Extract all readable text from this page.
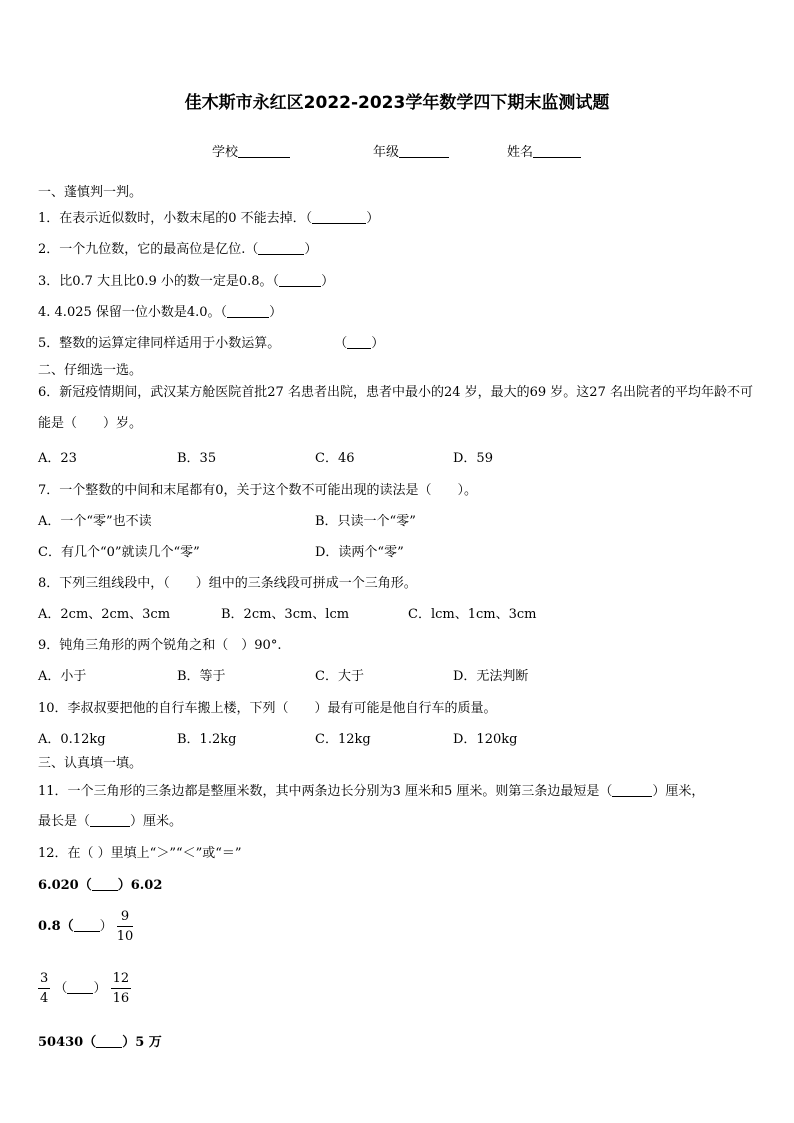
佳木斯市永红区2022-2023学年数学四下期末监测试题
学校	年级	姓名
一、蓬慎判一判。
1．在表示近似数时，小数末尾的0 不能去掉．（	）
2．一个九位数，它的最高位是亿位.（	）
3．比0.7 大且比0.9 小的数一定是0.8。（	）
4. 4.025 保留一位小数是4.0。（	）
5．整数的运算定律同样适用于小数运算。	（ ）
二、仔细选一选。
6．新冠疫情期间，武汉某方舱医院首批27 名患者出院，患者中最小的24 岁，最大的69 岁。这27 名出院者的平均年龄不可能是（　　）岁。
A．23	B．35	C．46	D．59
7．一个整数的中间和末尾都有0，关于这个数不可能出现的读法是（　　）。
A．一个“零”也不读	B．只读一个“零”
C．有几个“0”就读几个“零”	D．读两个“零”
8．下列三组线段中，（　　）组中的三条线段可拼成一个三角形。
A．2cm、2cm、3cm	B．2cm、3cm、lcm	C．lcm、1cm、3cm
9．钝角三角形的两个锐角之和（　）90°.
A．小于	B．等于	C．大于	D．无法判断
10．李叔叔要把他的自行车搬上楼，下列（　　）最有可能是他自行车的质量。
A．0.12kg	B．1.2kg	C．12kg	D．120kg
三、认真填一填。
11．一个三角形的三条边都是整厘米数，其中两条边长分别为3 厘米和5 厘米。则第三条边最短是（	）厘米，
最长是（	）厘米。
12．在（ ）里填上“＞”“＜”或“＝”
6.020（ ）6.02
0.8（ ） $\frac{9}{10}$
$\frac{3}{4}$ （ ） $\frac{12}{16}$
50430（ ）5 万
